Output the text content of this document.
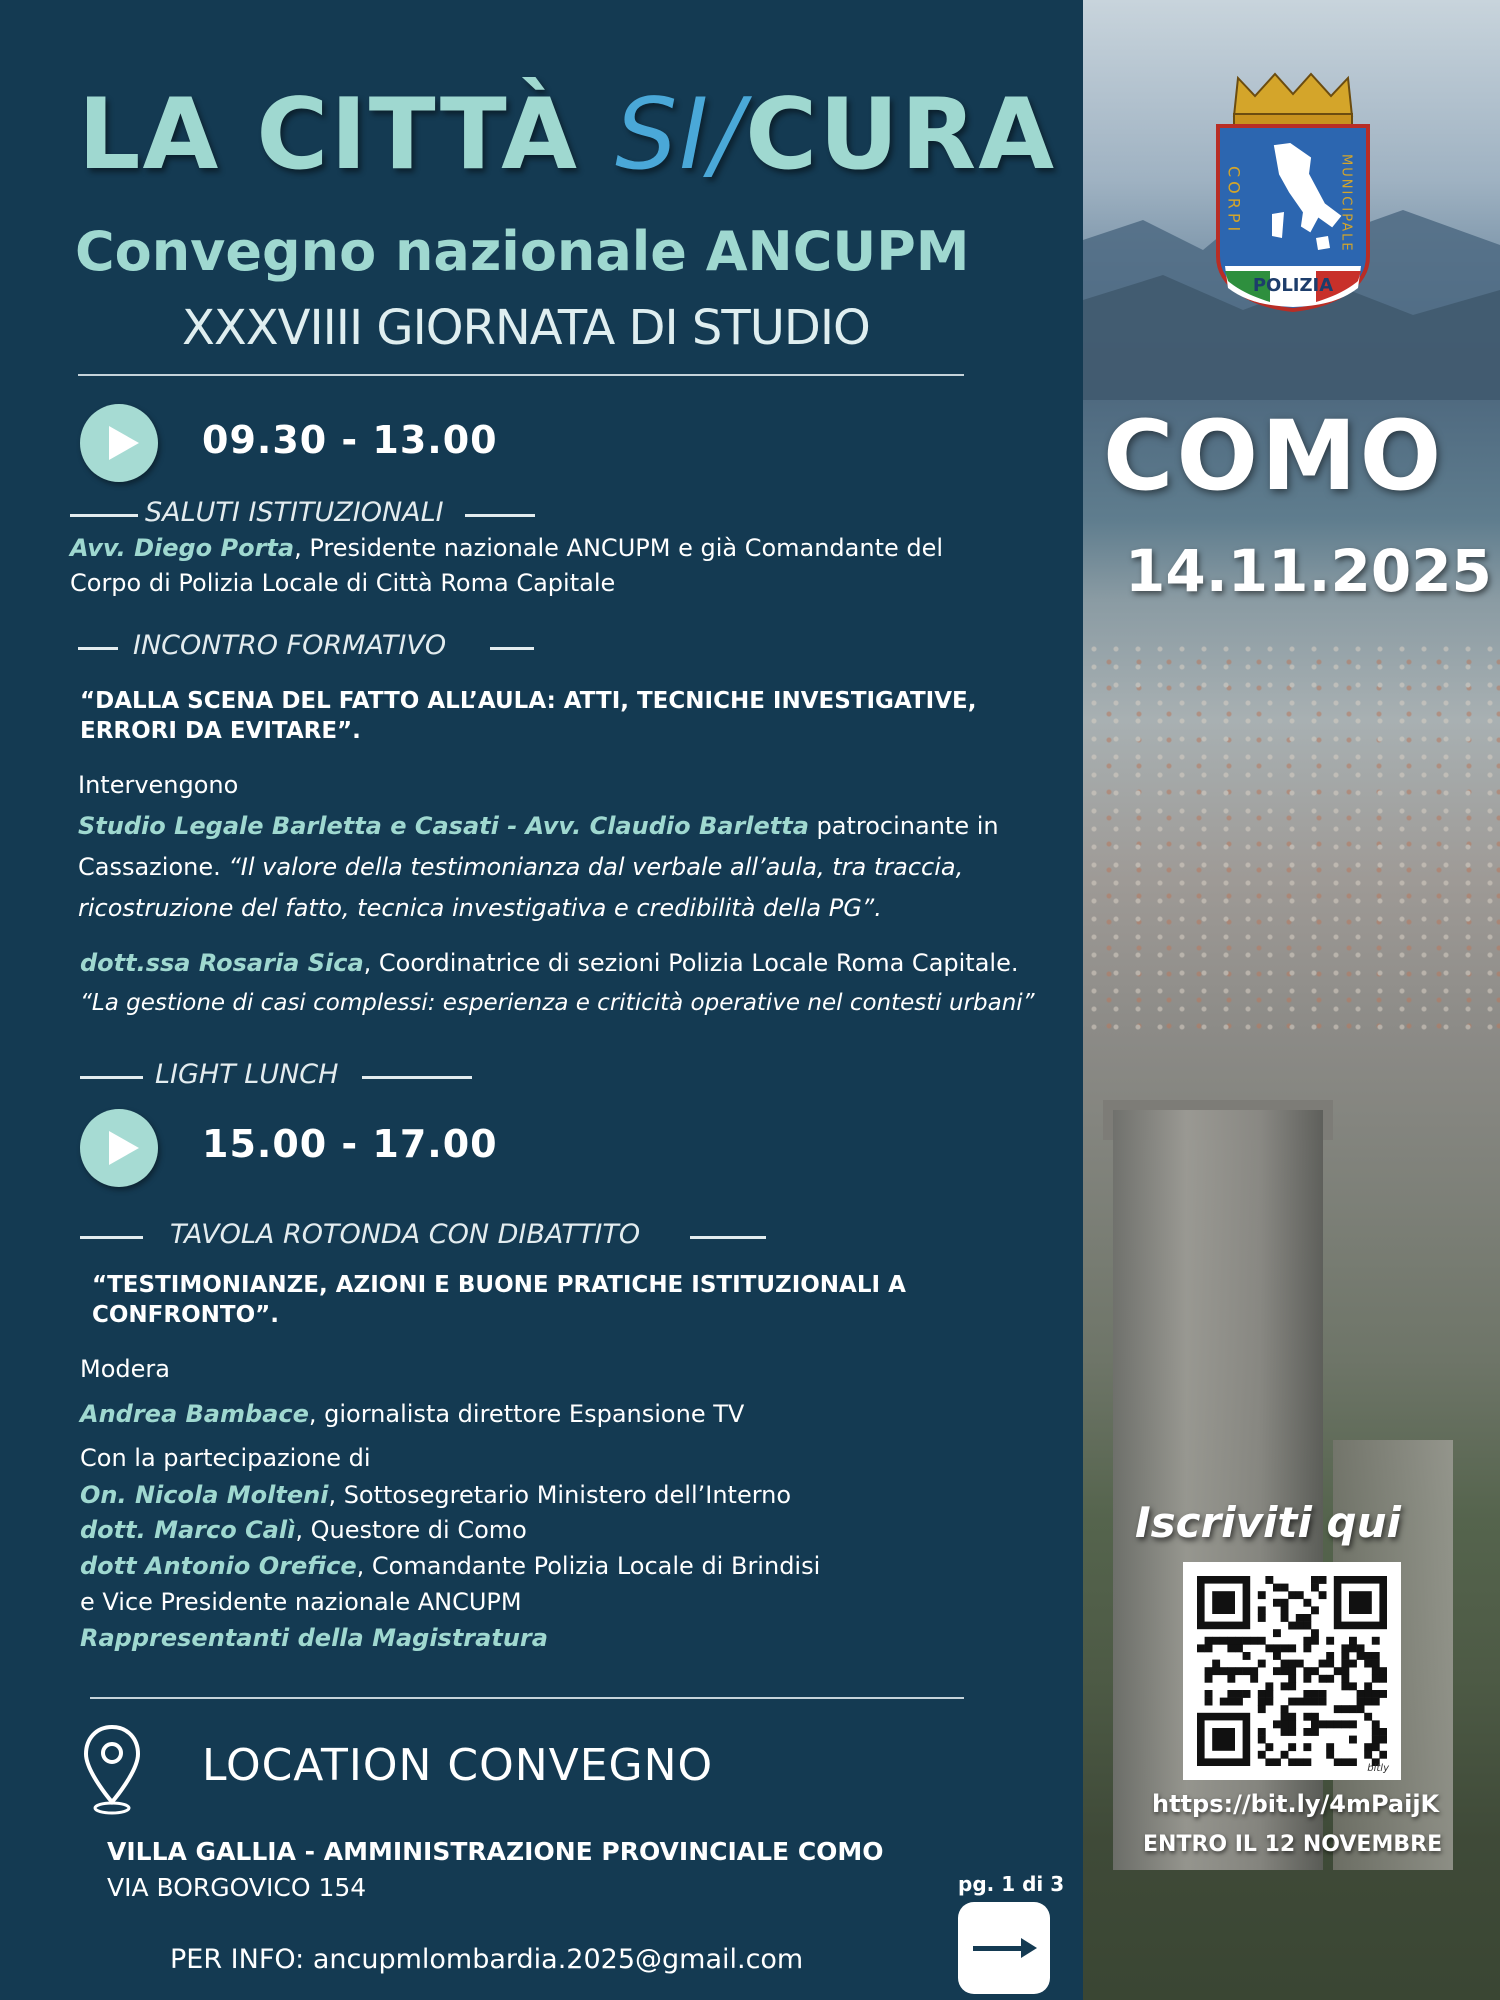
LA CITTÀ SI/CURA
Convegno nazionale ANCUPM
XXXVIIII GIORNATA DI STUDIO
09.30 - 13.00
SALUTI ISTITUZIONALI
Avv. Diego Porta, Presidente nazionale ANCUPM e già Comandante del
Corpo di Polizia Locale di Città Roma Capitale
INCONTRO FORMATIVO
“DALLA SCENA DEL FATTO ALL’AULA: ATTI, TECNICHE INVESTIGATIVE,
ERRORI DA EVITARE”.
Intervengono
Studio Legale Barletta e Casati - Avv. Claudio Barletta patrocinante in
Cassazione. “Il valore della testimonianza dal verbale all’aula, tra traccia,
ricostruzione del fatto, tecnica investigativa e credibilità della PG”.
dott.ssa Rosaria Sica, Coordinatrice di sezioni Polizia Locale Roma Capitale.
“La gestione di casi complessi: esperienza e criticità operative nel contesti urbani”
LIGHT LUNCH
15.00 - 17.00
TAVOLA ROTONDA CON DIBATTITO
“TESTIMONIANZE, AZIONI E BUONE PRATICHE ISTITUZIONALI A
CONFRONTO”.
Modera
Andrea Bambace, giornalista direttore Espansione TV
Con la partecipazione di
On. Nicola Molteni, Sottosegretario Ministero dell’Interno
dott. Marco Calì, Questore di Como
dott Antonio Orefice, Comandante Polizia Locale di Brindisi
e Vice Presidente nazionale ANCUPM
Rappresentanti della Magistratura
LOCATION CONVEGNO
VILLA GALLIA - AMMINISTRAZIONE PROVINCIALE COMO
VIA BORGOVICO 154
PER INFO: ancupmlombardia.2025@gmail.com
pg. 1 di 3
CORPI	MUNICIPALE
POLIZIA
COMO
14.11.2025
Iscriviti qui
bitly
https://bit.ly/4mPaijK
ENTRO IL 12 NOVEMBRE
